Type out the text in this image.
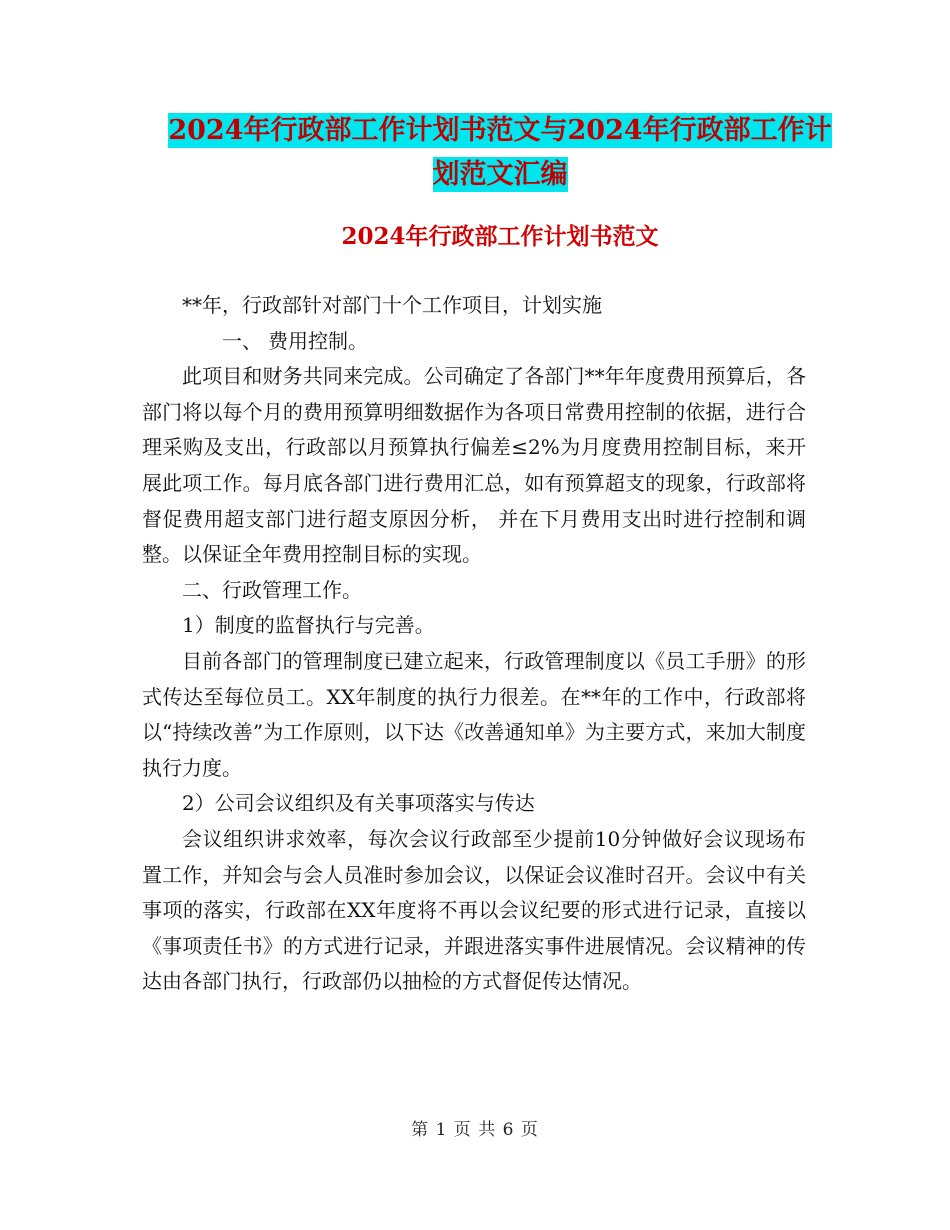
2024年行政部工作计划书范文与2024年行政部工作计
划范文汇编
2024年行政部工作计划书范文

**年，行政部针对部门十个工作项目，计划实施

一、 费用控制。

此项目和财务共同来完成。公司确定了各部门**年年度费用预算后，各部门将以每个月的费用预算明细数据作为各项日常费用控制的依据，进行合理采购及支出，行政部以月预算执行偏差≤2%为月度费用控制目标，来开展此项工作。每月底各部门进行费用汇总，如有预算超支的现象，行政部将督促费用超支部门进行超支原因分析， 并在下月费用支出时进行控制和调整。以保证全年费用控制目标的实现。

二、行政管理工作。

1）制度的监督执行与完善。

目前各部门的管理制度已建立起来，行政管理制度以《员工手册》的形式传达至每位员工。XX年制度的执行力很差。在**年的工作中，行政部将以“持续改善”为工作原则，以下达《改善通知单》为主要方式，来加大制度执行力度。

2）公司会议组织及有关事项落实与传达

会议组织讲求效率，每次会议行政部至少提前10分钟做好会议现场布置工作，并知会与会人员准时参加会议，以保证会议准时召开。会议中有关事项的落实，行政部在XX年度将不再以会议纪要的形式进行记录，直接以《事项责任书》的方式进行记录，并跟进落实事件进展情况。会议精神的传达由各部门执行，行政部仍以抽检的方式督促传达情况。

第 1 页 共 6 页
